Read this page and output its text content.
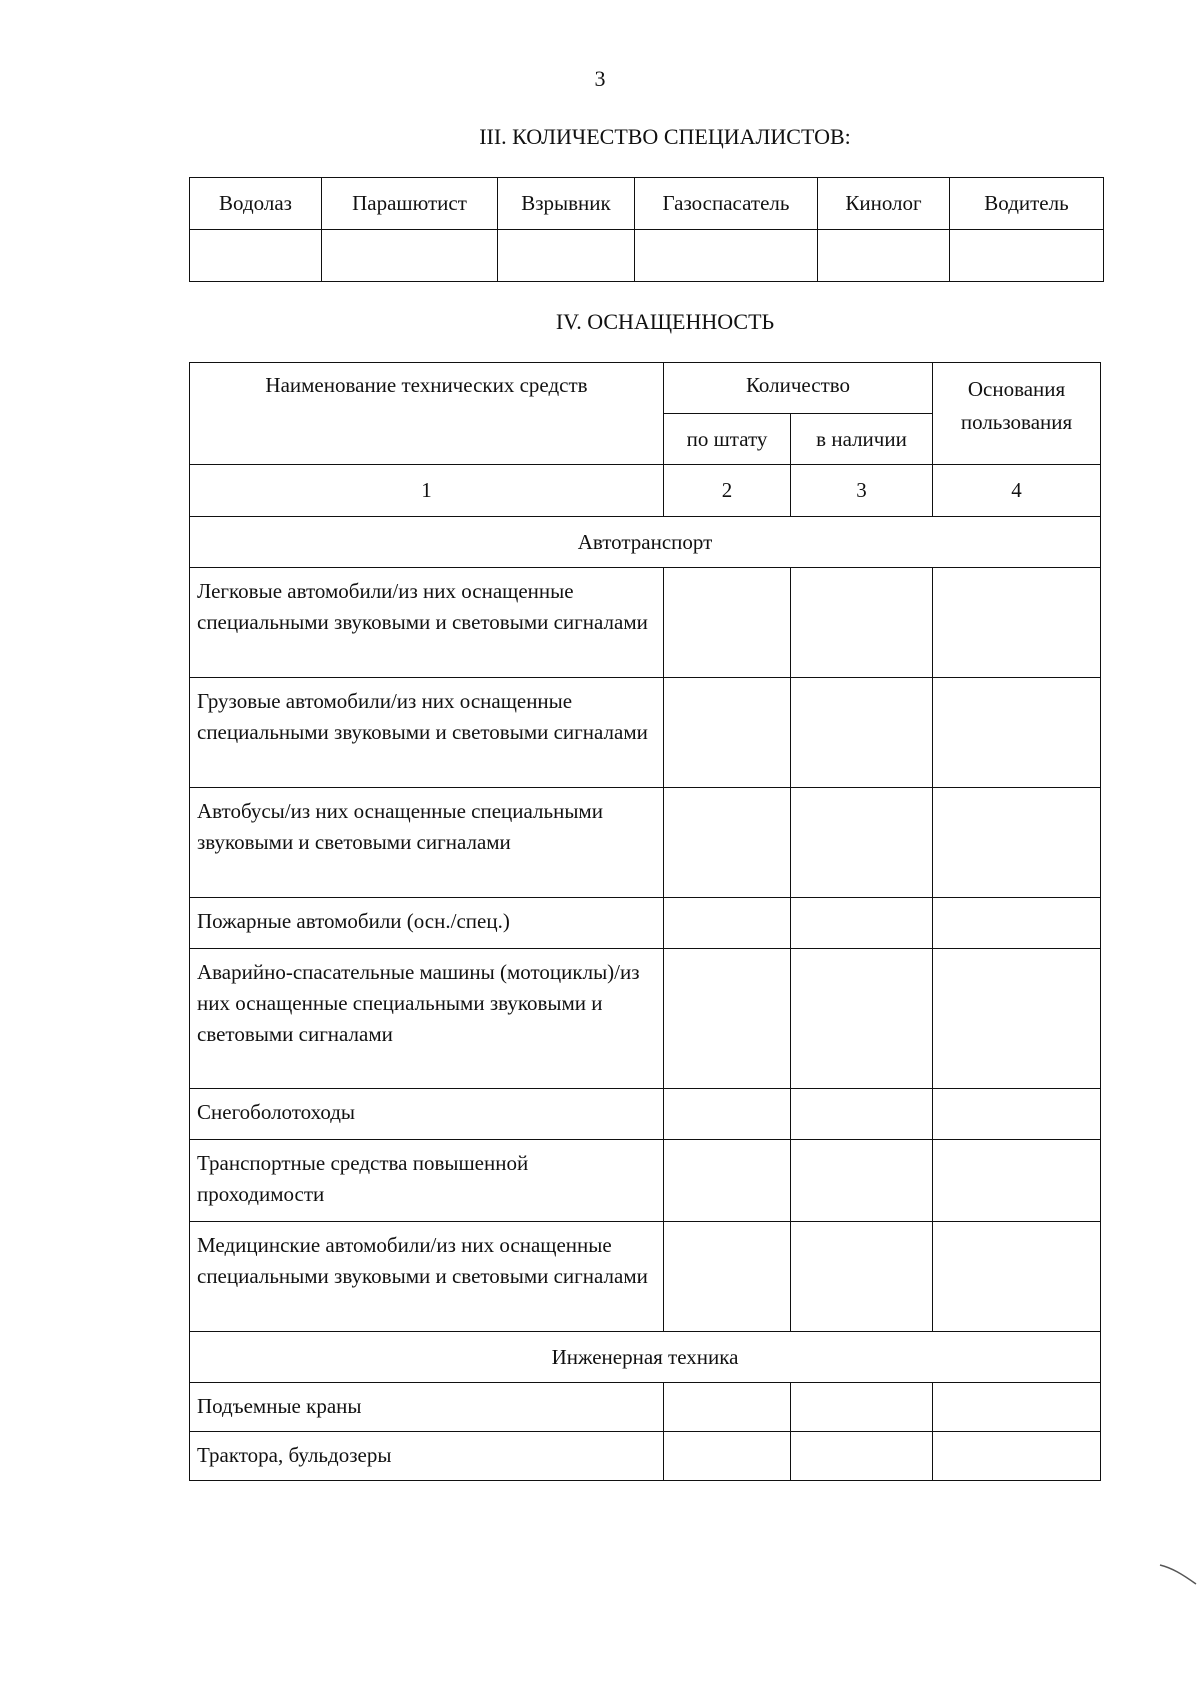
3
III. КОЛИЧЕСТВО СПЕЦИАЛИСТОВ:
Водолаз	Парашютист	Взрывник	Газоспасатель	Кинолог	Водитель

IV. ОСНАЩЕННОСТЬ
Наименование технических средств	Количество		Основания пользования
	по штату	в наличии	
1	2	3	4
Автотранспорт			
Легковые автомобили/из них оснащенные специальными звуковыми и световыми сигналами			
Грузовые автомобили/из них оснащенные специальными звуковыми и световыми сигналами			
Автобусы/из них оснащенные специальными звуковыми и световыми сигналами			
Пожарные автомобили (осн./спец.)			
Аварийно-спасательные машины (мотоциклы)/из них оснащенные специальными звуковыми и световыми сигналами			
Снегоболотоходы			
Транспортные средства повышенной проходимости			
Медицинские автомобили/из них оснащенные специальными звуковыми и световыми сигналами			
Инженерная техника			
Подъемные краны			
Трактора, бульдозеры			
